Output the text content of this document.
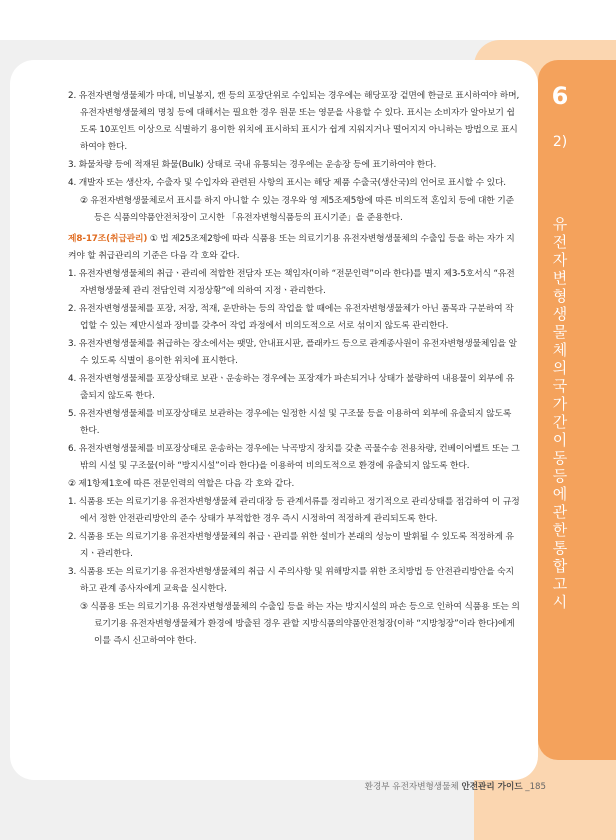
6
2)
유전자변형생물체의 국가간 이동 등에 관한 통합고시
2. 유전자변형생물체가 마대, 비닐봉지, 캔 등의 포장단위로 수입되는 경우에는 해당포장 겉면에 한글로 표시하여야 하며, 유전자변형생물체의 명칭 등에 대해서는 필요한 경우 원문 또는 영문을 사용할 수 있다. 표시는 소비자가 알아보기 쉽도록 10포인트 이상으로 식별하기 용이한 위치에 표시하되 표시가 쉽게 지워지거나 떨어지지 아니하는 방법으로 표시하여야 한다.
3. 화물차량 등에 적재된 화물(Bulk) 상태로 국내 유통되는 경우에는 운송장 등에 표기하여야 한다.
4. 개발자 또는 생산자, 수출자 및 수입자와 관련된 사항의 표시는 해당 제품 수출국(생산국)의 언어로 표시할 수 있다.
② 유전자변형생물체로서 표시를 하지 아니할 수 있는 경우와 영 제5조제5항에 따른 비의도적 혼입치 등에 대한 기준 등은 식품의약품안전처장이 고시한 「유전자변형식품등의 표시기준」을 준용한다.
제8-17조(취급관리) ① 법 제25조제2항에 따라 식품용 또는 의료기기용 유전자변형생물체의 수출입 등을 하는 자가 지켜야 할 취급관리의 기준은 다음 각 호와 같다.
1. 유전자변형생물체의 취급ㆍ관리에 적합한 전담자 또는 책임자(이하 “전문인력”이라 한다)를 별지 제3-5호서식 “유전자변형생물체 관리 전담인력 지정상황”에 의하여 지정ㆍ관리한다.
2. 유전자변형생물체를 포장, 저장, 적재, 운반하는 등의 작업을 할 때에는 유전자변형생물체가 아닌 품목과 구분하여 작업할 수 있는 제반시설과 장비를 갖추어 작업 과정에서 비의도적으로 서로 섞이지 않도록 관리한다.
3. 유전자변형생물체를 취급하는 장소에서는 팻말, 안내표시판, 플래카드 등으로 관계종사원이 유전자변형생물체임을 알 수 있도록 식별이 용이한 위치에 표시한다.
4. 유전자변형생물체를 포장상태로 보관ㆍ운송하는 경우에는 포장재가 파손되거나 상태가 불량하여 내용물이 외부에 유출되지 않도록 한다.
5. 유전자변형생물체를 비포장상태로 보관하는 경우에는 일정한 시설 및 구조물 등을 이용하여 외부에 유출되지 않도록 한다.
6. 유전자변형생물체를 비포장상태로 운송하는 경우에는 낙곡방지 장치를 갖춘 곡물수송 전용차량, 컨베이어벨트 또는 그 밖의 시설 및 구조물(이하 “방지시설”이라 한다)을 이용하여 비의도적으로 환경에 유출되지 않도록 한다.
② 제1항제1호에 따른 전문인력의 역할은 다음 각 호와 같다.
1. 식품용 또는 의료기기용 유전자변형생물체 관리대장 등 관계서류를 정리하고 정기적으로 관리상태를 점검하여 이 규정에서 정한 안전관리방안의 준수 상태가 부적합한 경우 즉시 시정하여 적정하게 관리되도록 한다.
2. 식품용 또는 의료기기용 유전자변형생물체의 취급ㆍ관리를 위한 설비가 본래의 성능이 발휘될 수 있도록 적정하게 유지ㆍ관리한다.
3. 식품용 또는 의료기기용 유전자변형생물체의 취급 시 주의사항 및 위해방지를 위한 조치방법 등 안전관리방안을 숙지하고 관계 종사자에게 교육을 실시한다.
③ 식품용 또는 의료기기용 유전자변형생물체의 수출입 등을 하는 자는 방지시설의 파손 등으로 인하여 식품용 또는 의료기기용 유전자변형생물체가 환경에 방출된 경우 관할 지방식품의약품안전청장(이하 “지방청장”이라 한다)에게 이를 즉시 신고하여야 한다.
환경부 유전자변형생물체 안전관리 가이드 _185
